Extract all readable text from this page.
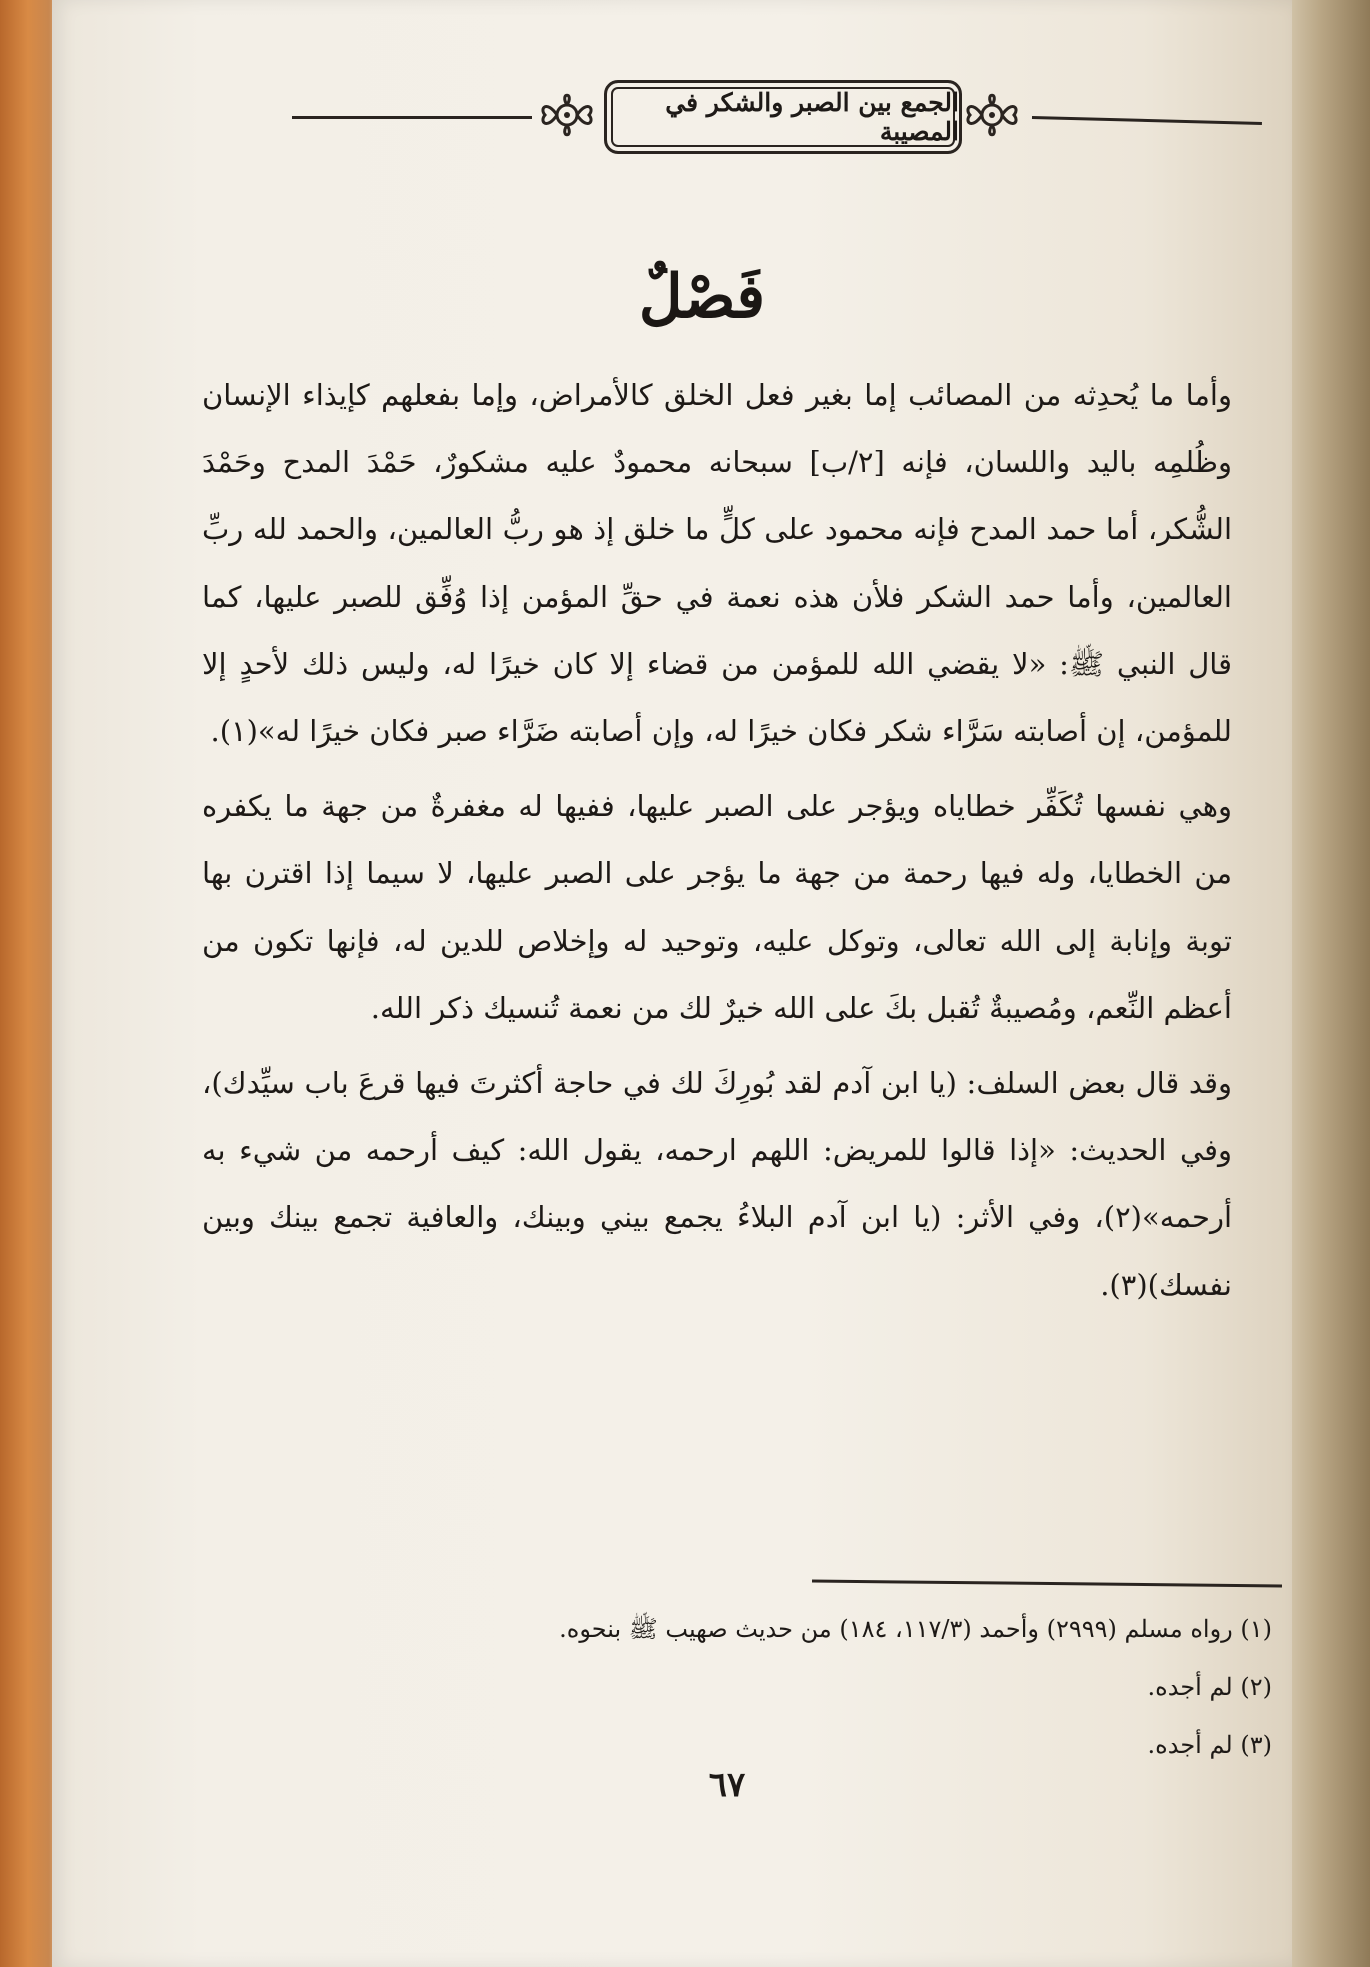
الجمع بين الصبر والشكر في المصيبة
فَصْلٌ

وأما ما يُحدِثه من المصائب إما بغير فعل الخلق كالأمراض، وإما بفعلهم كإيذاء الإنسان وظُلمِه باليد واللسان، فإنه [٢/ب] سبحانه محمودٌ عليه مشكورٌ، حَمْدَ المدح وحَمْدَ الشُّكر، أما حمد المدح فإنه محمود على كلٍّ ما خلق إذ هو ربُّ العالمين، والحمد لله ربِّ العالمين، وأما حمد الشكر فلأن هذه نعمة في حقِّ المؤمن إذا وُفِّق للصبر عليها، كما قال النبي ﷺ: «لا يقضي الله للمؤمن من قضاء إلا كان خيرًا له، وليس ذلك لأحدٍ إلا للمؤمن، إن أصابته سَرَّاء شكر فكان خيرًا له، وإن أصابته ضَرَّاء صبر فكان خيرًا له»(١).

وهي نفسها تُكَفِّر خطاياه ويؤجر على الصبر عليها، ففيها له مغفرةٌ من جهة ما يكفره من الخطايا، وله فيها رحمة من جهة ما يؤجر على الصبر عليها، لا سيما إذا اقترن بها توبة وإنابة إلى الله تعالى، وتوكل عليه، وتوحيد له وإخلاص للدين له، فإنها تكون من أعظم النِّعم، ومُصيبةٌ تُقبل بكَ على الله خيرٌ لك من نعمة تُنسيك ذكر الله.

وقد قال بعض السلف: (يا ابن آدم لقد بُورِكَ لك في حاجة أكثرتَ فيها قرعَ باب سيِّدك)، وفي الحديث: «إذا قالوا للمريض: اللهم ارحمه، يقول الله: كيف أرحمه من شيء به أرحمه»(٢)، وفي الأثر: (يا ابن آدم البلاءُ يجمع بيني وبينك، والعافية تجمع بينك وبين نفسك)(٣).

(١) رواه مسلم (٢٩٩٩) وأحمد (١١٧/٣، ١٨٤) من حديث صهيب ﷺ بنحوه.
(٢) لم أجده.
(٣) لم أجده.
٦٧
